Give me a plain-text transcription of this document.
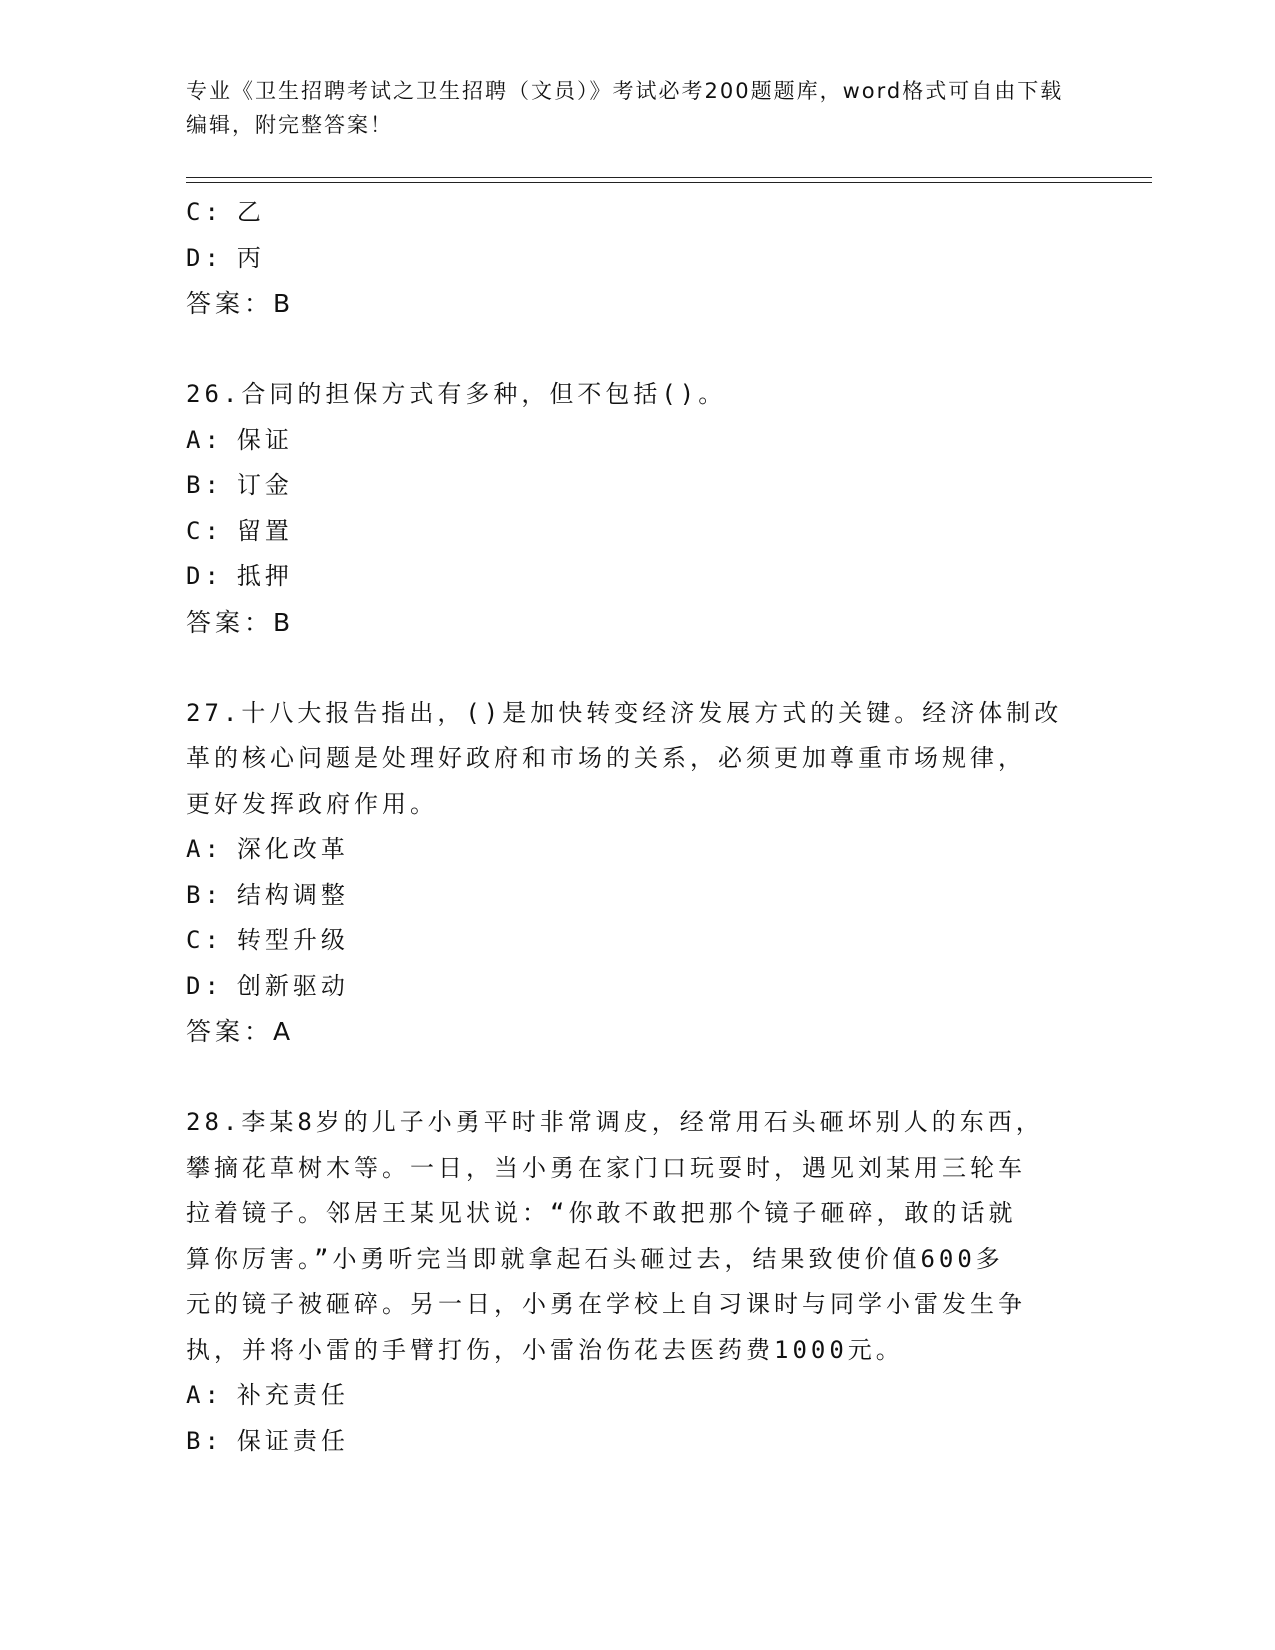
专业《卫生招聘考试之卫生招聘（文员）》考试必考200题题库，word格式可自由下载编辑，附完整答案！
C: 乙
D: 丙
答案：B
26.合同的担保方式有多种，但不包括()。
A: 保证
B: 订金
C: 留置
D: 抵押
答案：B
27.十八大报告指出，()是加快转变经济发展方式的关键。经济体制改
革的核心问题是处理好政府和市场的关系，必须更加尊重市场规律，
更好发挥政府作用。
A: 深化改革
B: 结构调整
C: 转型升级
D: 创新驱动
答案：A
28.李某8岁的儿子小勇平时非常调皮，经常用石头砸坏别人的东西，
攀摘花草树木等。一日，当小勇在家门口玩耍时，遇见刘某用三轮车
拉着镜子。邻居王某见状说：“你敢不敢把那个镜子砸碎，敢的话就
算你厉害。”小勇听完当即就拿起石头砸过去，结果致使价值600多
元的镜子被砸碎。另一日，小勇在学校上自习课时与同学小雷发生争
执，并将小雷的手臂打伤，小雷治伤花去医药费1000元。
A: 补充责任
B: 保证责任
